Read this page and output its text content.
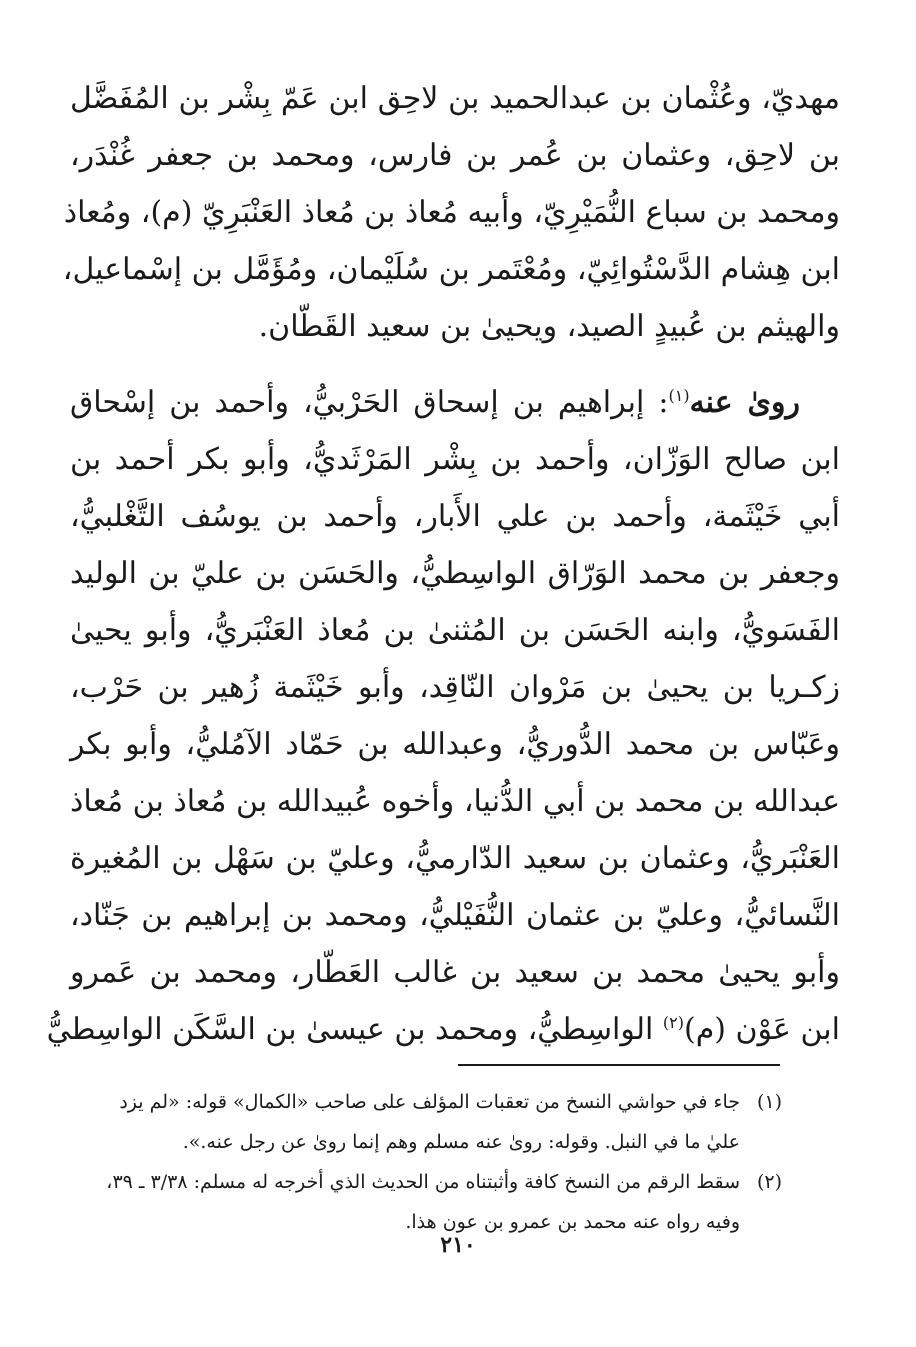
مهديّ، وعُثْمان بن عبدالحميد بن لاحِق ابن عَمّ بِشْر بن المُفَضَّل
بن لاحِق، وعثمان بن عُمر بن فارس، ومحمد بن جعفر غُنْدَر،
ومحمد بن سباع النُّمَيْرِيّ، وأبيه مُعاذ بن مُعاذ العَنْبَرِيّ (م)، ومُعاذ
ابن هِشام الدَّسْتُوائِيّ، ومُعْتَمر بن سُلَيْمان، ومُؤَمَّل بن إسْماعيل،
والهيثم بن عُبيدٍ الصيد، ويحيىٰ بن سعيد القَطّان.
رویٰ عنه$^{(١)}$: إبراهيم بن إسحاق الحَرْبيُّ، وأحمد بن إسْحاق
ابن صالح الوَزّان، وأحمد بن بِشْر المَرْثَديُّ، وأبو بكر أحمد بن
أبي خَيْثَمة، وأحمد بن علي الأَبار، وأحمد بن يوسُف التَّغْلبيُّ،
وجعفر بن محمد الوَرّاق الواسِطيُّ، والحَسَن بن عليّ بن الوليد
الفَسَويُّ، وابنه الحَسَن بن المُثنىٰ بن مُعاذ العَنْبَريُّ، وأبو يحيىٰ
زكـريا بن يحيىٰ بن مَرْوان النّاقِد، وأبو خَيْثَمة زُهير بن حَرْب،
وعَبّاس بن محمد الدُّوريُّ، وعبدالله بن حَمّاد الآمُليُّ، وأبو بكر
عبدالله بن محمد بن أبي الدُّنيا، وأخوه عُبيدالله بن مُعاذ بن مُعاذ
العَنْبَريُّ، وعثمان بن سعيد الدّارميُّ، وعليّ بن سَهْل بن المُغيرة
النَّسائيُّ، وعليّ بن عثمان النُّفَيْليُّ، ومحمد بن إبراهيم بن جَنّاد،
وأبو يحيىٰ محمد بن سعيد بن غالب العَطّار، ومحمد بن عَمرو
ابن عَوْن (م)$^{(٢)}$ الواسِطيُّ، ومحمد بن عيسىٰ بن السَّكَن الواسِطيُّ
(١)
جاء في حواشي النسخ من تعقبات المؤلف على صاحب «الكمال» قوله: «لم يزد
عليٰ ما في النبل. وقوله: رویٰ عنه مسلم وهم إنما رویٰ عن رجل عنه.».
(٢)
سقط الرقم من النسخ كافة وأثبتناه من الحديث الذي أخرجه له مسلم: ٣/٣٨ ـ ٣٩،
وفيه رواه عنه محمد بن عمرو بن عون هذا.
٢١٠
